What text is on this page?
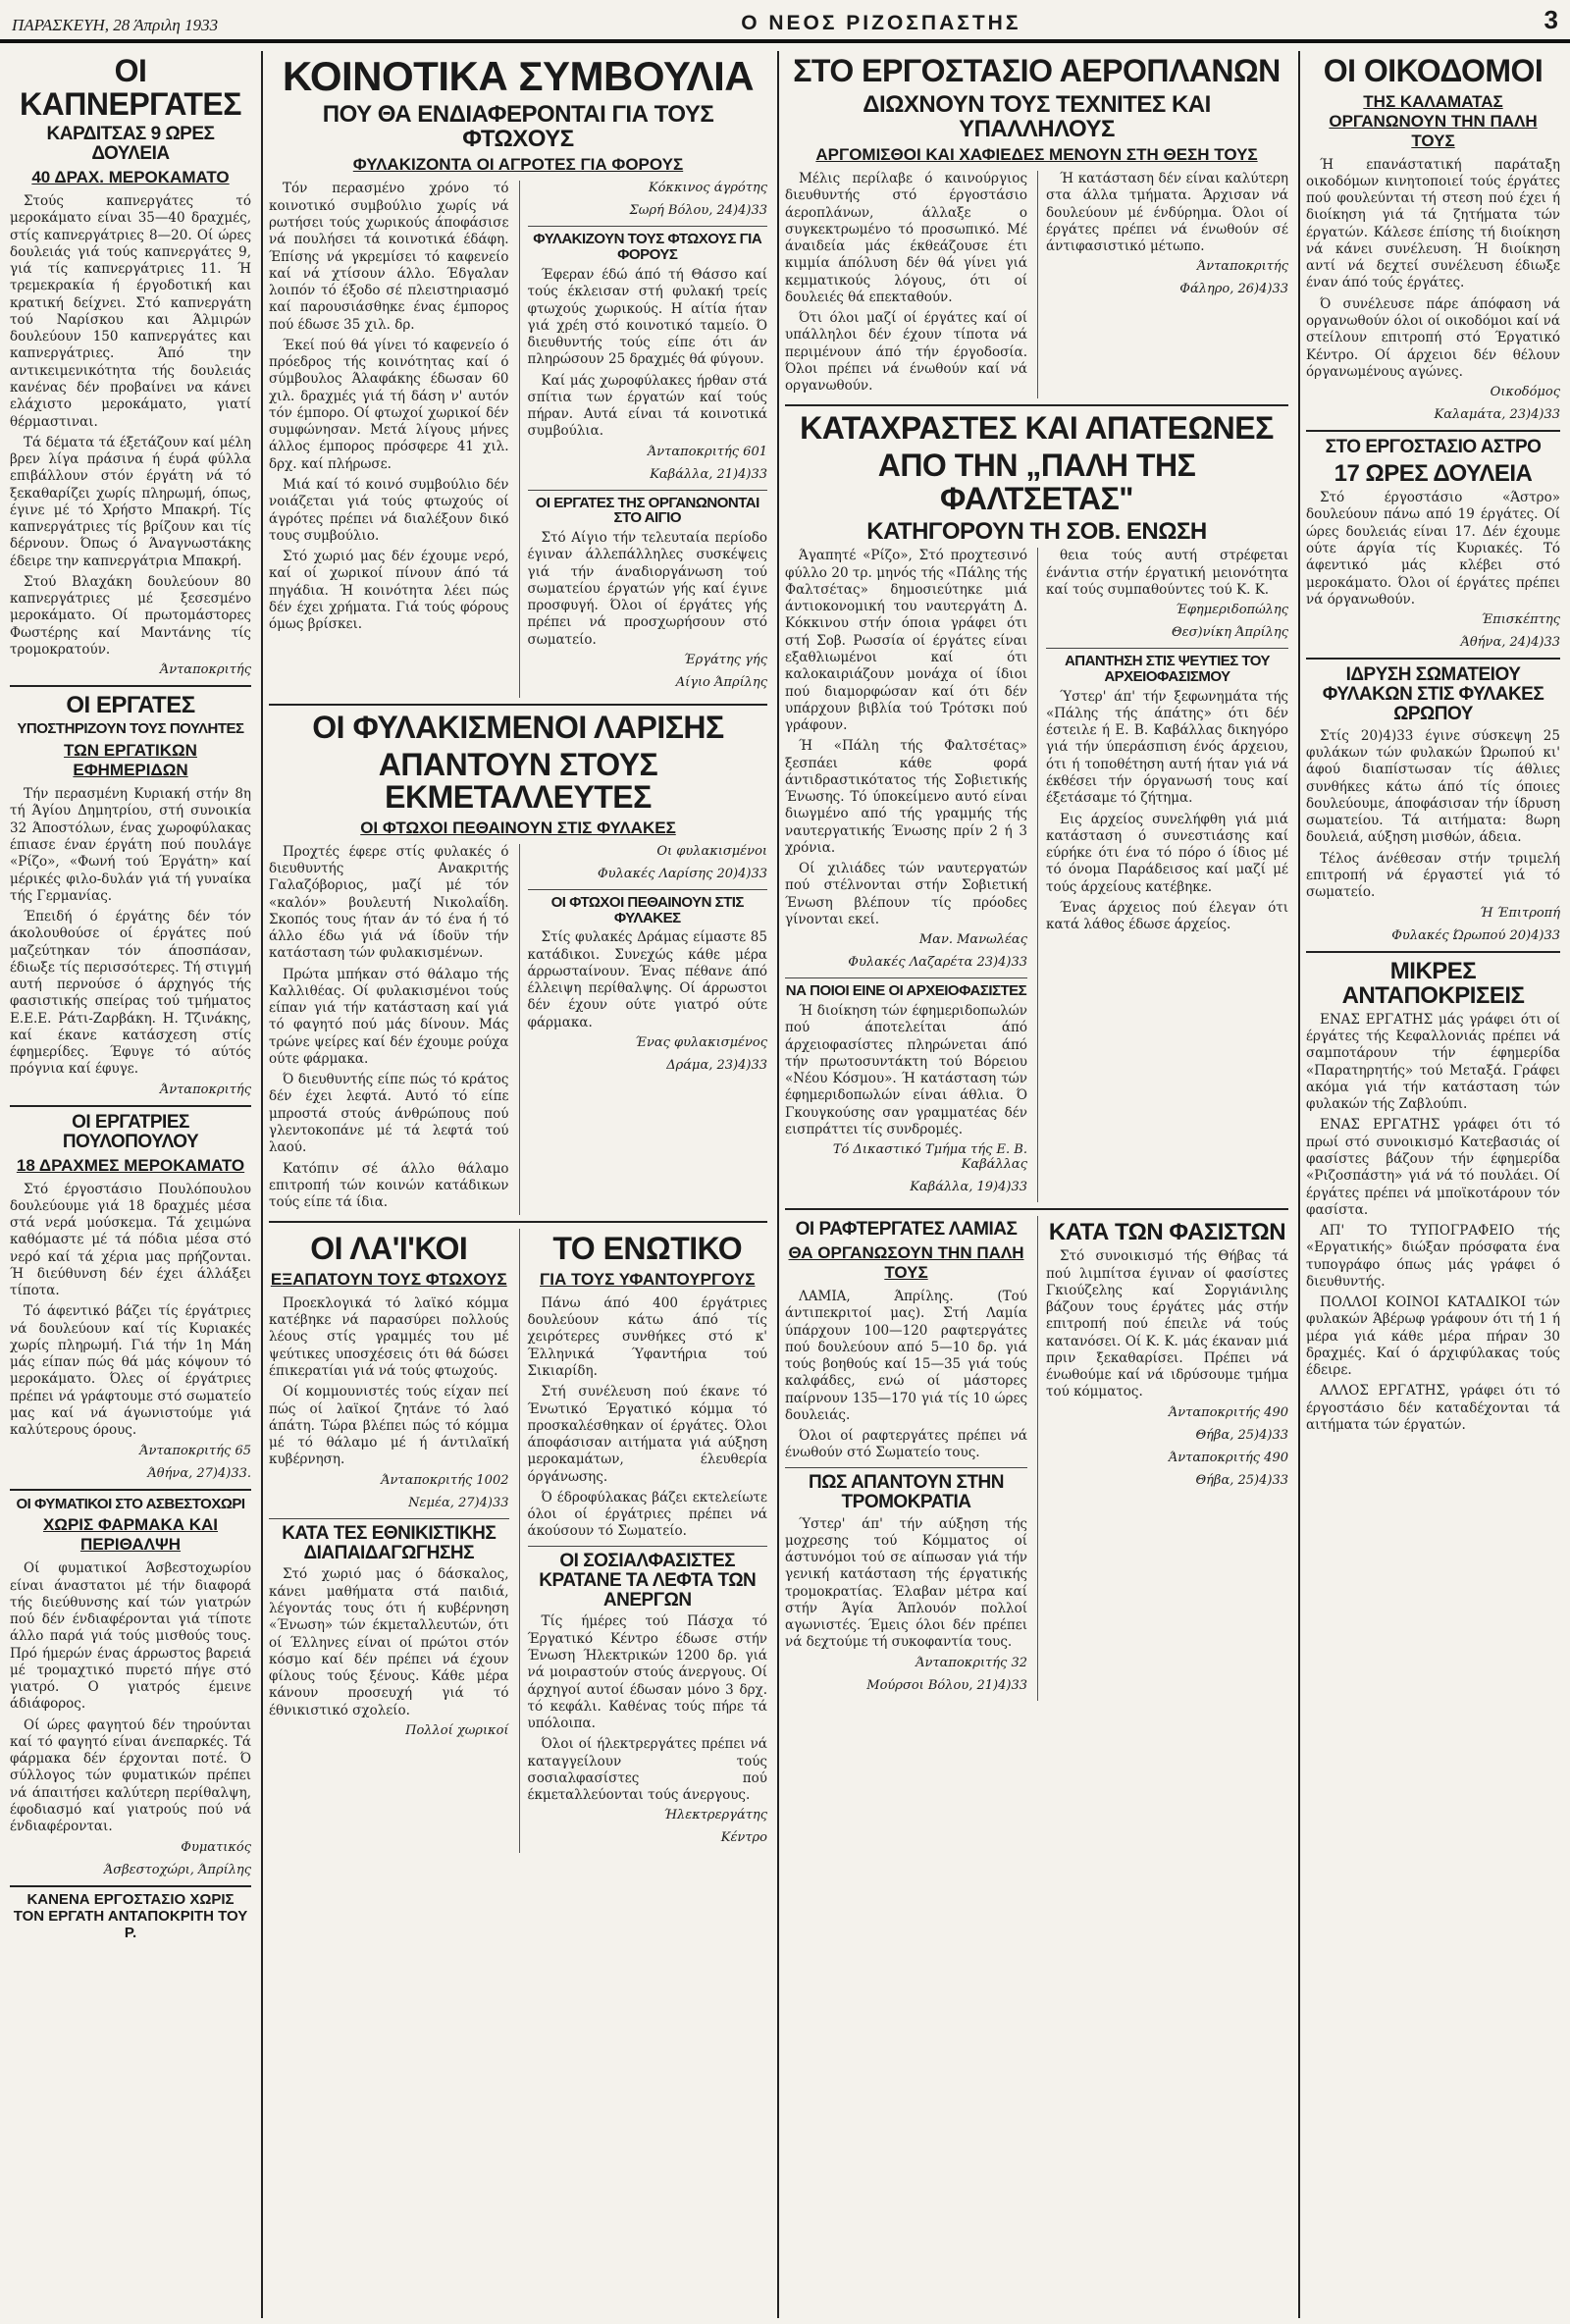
ΠΑΡΑΣΚΕΥΗ, 28 Άπριλη 1933	Ο ΝΕΟΣ ΡΙΖΟΣΠΑΣΤΗΣ	3
ΟΙ ΚΑΠΝΕΡΓΑΤΕΣ
ΚΑΡΔΙΤΣΑΣ 9 ΩΡΕΣ ΔΟΥΛΕΙΑ
40 ΔΡΑΧ. ΜΕΡΟΚΑΜΑΤΟ

Στούς καπνεργάτες τό μεροκάματο είναι 35—40 δραχμές, στίς καπνεργάτριες 8—20. Οί ώρες δουλειάς γιά τούς καπνεργάτες 9, γιά τίς καπνεργάτριες 11. Ή τρεμεκρακία ή έργοδοτική και κρατική δείχνει. Στό καπνεργάτη τού Ναρίσκου και Άλμιρών δουλεύουν 150 καπνεργάτες και καπνεργάτριες. Άπό την αντικειμενικότητα τής δουλειάς κανένας δέν προβαίνει να κάνει ελάχιστο μεροκάματο, γιατί θέρμαστιναι.

Τά δέματα τά έξετάζουν καί μέλη βρεν λίγα πράσινα ή έυρά φύλλα επιβάλλουν στόν έργάτη νά τό ξεκαθαρίζει χωρίς πληρωμή, όπως, έγινε μέ τό Χρήστο Μπακρή. Τίς καπνεργάτριες τίς βρίζουν και τίς δέρνουν. Όπως ό Άναγνωστάκης έδειρε την καπνεργάτρια Μπακρή.

Στού Βλαχάκη δουλεύουν 80 καπνεργάτριες μέ ξεσεσμένο μεροκάματο. Οί πρωτομάστορες Φωστέρης καί Μαντάνης τίς τρομοκρατούν.

Άνταποκριτής

ΟΙ ΕΡΓΑΤΕΣ
ΥΠΟΣΤΗΡΙΖΟΥΝ ΤΟΥΣ ΠΟΥΛΗΤΕΣ
ΤΩΝ ΕΡΓΑΤΙΚΩΝ ΕΦΗΜΕΡΙΔΩΝ

Τήν περασμένη Κυριακή στήν 8η τή Άγίου Δημητρίου, στή συνοικία 32 Άποστόλων, ένας χωροφύλακας έπιασε έναν έργάτη πού πουλάγε «Ρίζο», «Φωνή τού Έργάτη» καί μέρικές φιλο-δυλάν γιά τή γυναίκα τής Γερμανίας.

Έπειδή ό έργάτης δέν τόν άκολουθούσε οί έργάτες πού μαζεύτηκαν τόν άποσπάσαν, έδιωξε τίς περισσότερες. Τή στιγμή αυτή περνούσε ό άρχηγός τής φασιστικής σπείρας τού τμήματος Ε.Ε.Ε. Ράτι-Ζαρβάκη. Η. Τζινάκης, καί έκανε κατάσχεση στίς έφημερίδες. Έφυγε τό αύτός πρόγνια καί έφυγε.

Άνταποκριτής

ΟΙ ΕΡΓΑΤΡΙΕΣ ΠΟΥΛΟΠΟΥΛΟΥ
18 ΔΡΑΧΜΕΣ ΜΕΡΟΚΑΜΑΤΟ

Στό έργοστάσιο Πουλόπουλου δουλεύουμε γιά 18 δραχμές μέσα στά νερά μούσκεμα. Τά χειμώνα καθόμαστε μέ τά πόδια μέσα στό νερό καί τά χέρια μας πρήζονται. Ή διεύθυνση δέν έχει άλλάξει τίποτα.

Τό άφεντικό βάζει τίς έργάτριες νά δουλεύουν καί τίς Κυριακές χωρίς πληρωμή. Γιά τήν 1η Μάη μάς είπαν πώς θά μάς κόψουν τό μεροκάματο. Όλες οί έργάτριες πρέπει νά γράφτουμε στό σωματείο μας καί νά άγωνιστούμε γιά καλύτερους όρους.

Άνταποκριτής 65

Άθήνα, 27)4)33.

ΟΙ ΦΥΜΑΤΙΚΟΙ ΣΤΟ ΑΣΒΕΣΤΟΧΩΡΙ
ΧΩΡΙΣ ΦΑΡΜΑΚΑ ΚΑΙ ΠΕΡΙΘΑΛΨΗ

Οί φυματικοί Άσβεστοχωρίου είναι άναστατοι μέ τήν διαφορά τής διεύθυνσης καί τών γιατρών πού δέν ένδιαφέρονται γιά τίποτε άλλο παρά γιά τούς μισθούς τους. Πρό ήμερών ένας άρρωστος βαρειά μέ τρομαχτικό πυρετό πήγε στό γιατρό. Ο γιατρός έμεινε άδιάφορος.

Οί ώρες φαγητού δέν τηρούνται καί τό φαγητό είναι άνεπαρκές. Τά φάρμακα δέν έρχονται ποτέ. Ό σύλλογος τών φυματικών πρέπει νά άπαιτήσει καλύτερη περίθαλψη, έφοδιασμό καί γιατρούς πού νά ένδιαφέρονται.

Φυματικός

Άσβεστοχώρι, Άπρίλης

ΚΑΝΕΝΑ ΕΡΓΟΣΤΑΣΙΟ ΧΩΡΙΣ ΤΟΝ ΕΡΓΑΤΗ ΑΝΤΑΠΟΚΡΙΤΗ ΤΟΥ Ρ.
ΚΟΙΝΟΤΙΚΑ ΣΥΜΒΟΥΛΙΑ
ΠΟΥ ΘΑ ΕΝΔΙΑΦΕΡΟΝΤΑΙ ΓΙΑ ΤΟΥΣ ΦΤΩΧΟΥΣ
ΦΥΛΑΚΙΖΟΝΤΑ ΟΙ ΑΓΡΟΤΕΣ ΓΙΑ ΦΟΡΟΥΣ

Τόν περασμένο χρόνο τό κοινοτικό συμβούλιο χωρίς νά ρωτήσει τούς χωρικούς άποφάσισε νά πουλήσει τά κοινοτικά έδάφη. Έπίσης νά γκρεμίσει τό καφενείο καί νά χτίσουν άλλο. Έδγαλαν λοιπόν τό έξοδο σέ πλειστηριασμό καί παρουσιάσθηκε ένας έμπορος πού έδωσε 35 χιλ. δρ.

Έκεί πού θά γίνει τό καφενείο ό πρόεδρος τής κοινότητας καί ό σύμβουλος Άλαφάκης έδωσαν 60 χιλ. δραχμές γιά τή δάση ν' αυτόν τόν έμπορο. Οί φτωχοί χωρικοί δέν συμφώνησαν. Μετά λίγους μήνες άλλος έμπορος πρόσφερε 41 χιλ. δρχ. καί πλήρωσε.

Μιά καί τό κοινό συμβούλιο δέν νοιάζεται γιά τούς φτωχούς οί άγρότες πρέπει νά διαλέξουν δικό τους συμβούλιο.

Στό χωριό μας δέν έχουμε νερό, καί οί χωρικοί πίνουν άπό τά πηγάδια. Ή κοινότητα λέει πώς δέν έχει χρήματα. Γιά τούς φόρους όμως βρίσκει.

Κόκκινος άγρότης

Σωρή Βόλου, 24)4)33

ΦΥΛΑΚΙΖΟΥΝ ΤΟΥΣ ΦΤΩΧΟΥΣ ΓΙΑ ΦΟΡΟΥΣ

Έφεραν έδώ άπό τή Θάσσο καί τούς έκλεισαν στή φυλακή τρείς φτωχούς χωρικούς. Η αίτία ήταν γιά χρέη στό κοινοτικό ταμείο. Ό διευθυντής τούς είπε ότι άν πληρώσουν 25 δραχμές θά φύγουν.

Καί μάς χωροφύλακες ήρθαν στά σπίτια των έργατών καί τούς πήραν. Αυτά είναι τά κοινοτικά συμβούλια.

Άνταποκριτής 601

Καβάλλα, 21)4)33

ΟΙ ΕΡΓΑΤΕΣ ΤΗΣ ΟΡΓΑΝΩΝΟΝΤΑΙ ΣΤΟ ΑΙΓΙΟ

Στό Αίγιο τήν τελευταία περίοδο έγιναν άλλεπάλληλες συσκέψεις γιά τήν άναδιοργάνωση τού σωματείου έργατών γής καί έγινε προσφυγή. Όλοι οί έργάτες γής πρέπει νά προσχωρήσουν στό σωματείο.

Έργάτης γής

Αίγιο Άπρίλης

ΟΙ ΦΥΛΑΚΙΣΜΕΝΟΙ ΛΑΡΙΣΗΣ
ΑΠΑΝΤΟΥΝ ΣΤΟΥΣ ΕΚΜΕΤΑΛΛΕΥΤΕΣ
ΟΙ ΦΤΩΧΟΙ ΠΕΘΑΙΝΟΥΝ ΣΤΙΣ ΦΥΛΑΚΕΣ

Προχτές έφερε στίς φυλακές ό διευθυντής Ανακριτής Γαλαζόβοριος, μαζί μέ τόν «καλόν» βουλευτή Νικολαΐδη. Σκοπός τους ήταν άν τό ένα ή τό άλλο έδω γιά νά ίδοϋν τήν κατάσταση τών φυλακισμένων.

Πρώτα μπήκαν στό θάλαμο τής Καλλιθέας. Οί φυλακισμένοι τούς είπαν γιά τήν κατάσταση καί γιά τό φαγητό πού μάς δίνουν. Μάς τρώνε ψείρες καί δέν έχουμε ρούχα ούτε φάρμακα.

Ό διευθυντής είπε πώς τό κράτος δέν έχει λεφτά. Αυτό τό είπε μπροστά στούς άνθρώπους πού γλεντοκοπάνε μέ τά λεφτά τού λαού.

Κατόπιν σέ άλλο θάλαμο επιτροπή τών κοινών κατάδικων τούς είπε τά ίδια.

Οι φυλακισμένοι

Φυλακές Λαρίσης 20)4)33

ΟΙ ΦΤΩΧΟΙ ΠΕΘΑΙΝΟΥΝ ΣΤΙΣ ΦΥΛΑΚΕΣ

Στίς φυλακές Δράμας είμαστε 85 κατάδικοι. Συνεχώς κάθε μέρα άρρωσταίνουν. Ένας πέθανε άπό έλλειψη περίθαλψης. Οί άρρωστοι δέν έχουν ούτε γιατρό ούτε φάρμακα.

Ένας φυλακισμένος

Δράμα, 23)4)33

ΟΙ ΛΑ'Ι'ΚΟΙ
ΕΞΑΠΑΤΟΥΝ ΤΟΥΣ ΦΤΩΧΟΥΣ

Προεκλογικά τό λαϊκό κόμμα κατέβηκε νά παρασύρει πολλούς λέους στίς γραμμές του μέ ψεύτικες υποσχέσεις ότι θά δώσει έπικερατίαι γιά νά τούς φτωχούς.

Οί κομμουνιστές τούς είχαν πεί πώς οί λαϊκοί ζητάνε τό λαό άπάτη. Τώρα βλέπει πώς τό κόμμα μέ τό θάλαμο μέ ή άντιλαϊκή κυβέρνηση.

Άνταποκριτής 1002

Νεμέα, 27)4)33

ΚΑΤΑ ΤΕΣ ΕΘΝΙΚΙΣΤΙΚΗΣ ΔΙΑΠΑΙΔΑΓΩΓΗΣΗΣ

Στό χωριό μας ό δάσκαλος, κάνει μαθήματα στά παιδιά, λέγοντάς τους ότι ή κυβέρνηση «Ένωση» τών έκμεταλλευτών, ότι οί Έλληνες είναι οί πρώτοι στόν κόσμο καί δέν πρέπει νά έχουν φίλους τούς ξένους. Κάθε μέρα κάνουν προσευχή γιά τό έθνικιστικό σχολείο.

Πολλοί χωρικοί

ΤΟ ΕΝΩΤΙΚΟ
ΓΙΑ ΤΟΥΣ ΥΦΑΝΤΟΥΡΓΟΥΣ

Πάνω άπό 400 έργάτριες δουλεύουν κάτω άπό τίς χειρότερες συνθήκες στό κ' Έλληνικά Ύφαντήρια τού Σικιαρίδη.

Στή συνέλευση πού έκανε τό Ένωτικό Έργατικό κόμμα τό προσκαλέσθηκαν οί έργάτες. Όλοι άποφάσισαν αιτήματα γιά αύξηση μεροκαμάτων, έλευθερία όργάνωσης.

Ό έδροφύλακας βάζει εκτελείωτε όλοι οί έργάτριες πρέπει νά άκούσουν τό Σωματείο.

ΟΙ ΣΟΣΙΑΛΦΑΣΙΣΤΕΣ ΚΡΑΤΑΝΕ ΤΑ ΛΕΦΤΑ ΤΩΝ ΑΝΕΡΓΩΝ

Τίς ήμέρες τού Πάσχα τό Έργατικό Κέντρο έδωσε στήν Ένωση Ήλεκτρικών 1200 δρ. γιά νά μοιραστούν στούς άνεργους. Οί άρχηγοί αυτοί έδωσαν μόνο 3 δρχ. τό κεφάλι. Καθένας τούς πήρε τά υπόλοιπα.

Όλοι οί ήλεκτρεργάτες πρέπει νά καταγγείλουν τούς σοσιαλφασίστες πού έκμεταλλεύονται τούς άνεργους.

Ήλεκτρεργάτης

Κέντρο

ΣΤΟ ΕΡΓΟΣΤΑΣΙΟ ΑΕΡΟΠΛΑΝΩΝ
ΔΙΩΧΝΟΥΝ ΤΟΥΣ ΤΕΧΝΙΤΕΣ ΚΑΙ ΥΠΑΛΛΗΛΟΥΣ
ΑΡΓΟΜΙΣΘΟΙ ΚΑΙ ΧΑΦΙΕΔΕΣ ΜΕΝΟΥΝ ΣΤΗ ΘΕΣΗ ΤΟΥΣ

Μέλις περίλαβε ό καινούργιος διευθυντής στό έργοστάσιο άεροπλάνων, άλλαξε ο συγκεκτρωμένο τό προσωπικό. Μέ άναιδεία μάς έκθεάζουσε έτι κιμμία άπόλυση δέν θά γίνει γιά κεμματικούς λόγους, ότι οί δουλειές θά επεκταθούν.

Ότι όλοι μαζί οί έργάτες καί οί υπάλληλοι δέν έχουν τίποτα νά περιμένουν άπό τήν έργοδοσία. Όλοι πρέπει νά ένωθούν καί νά οργανωθούν.

Ή κατάσταση δέν είναι καλύτερη στα άλλα τμήματα. Άρχισαν νά δουλεύουν μέ ένδύρημα. Όλοι οί έργάτες πρέπει νά ένωθούν σέ άντιφασιστικό μέτωπο.

Άνταποκριτής

Φάληρο, 26)4)33

ΚΑΤΑΧΡΑΣΤΕΣ ΚΑΙ ΑΠΑΤΕΩΝΕΣ
ΑΠΟ ΤΗΝ „ΠΑΛΗ ΤΗΣ ΦΑΛΤΣΕΤΑΣ"
ΚΑΤΗΓΟΡΟΥΝ ΤΗ ΣΟΒ. ΕΝΩΣΗ

Άγαπητέ «Ρίζο», Στό προχτεσινό φύλλο 20 τρ. μηνός τής «Πάλης τής Φαλτσέτας» δημοσιεύτηκε μιά άντιοκονομική του ναυτεργάτη Δ. Κόκκινου στήν όποια γράφει ότι στή Σοβ. Ρωσσία οί έργάτες είναι εξαθλιωμένοι καί ότι καλοκαιριάζουν μονάχα οί ίδιοι πού διαμορφώσαν καί ότι δέν υπάρχουν βιβλία τού Τρότσκι πού γράφουν.

Ή «Πάλη τής Φαλτσέτας» ξεσπάει κάθε φορά άντιδραστικότατος τής Σοβιετικής Ένωσης. Τό ύποκείμενο αυτό είναι διωγμένο από τής γραμμής τής ναυτεργατικής Ένωσης πρίν 2 ή 3 χρόνια.

Οί χιλιάδες τών ναυτεργατών πού στέλνονται στήν Σοβιετική Ένωση βλέπουν τίς πρόοδες γίνονται εκεί.

Μαν. Μανωλέας

Φυλακές Λαζαρέτα 23)4)33

ΝΑ ΠΟΙΟΙ ΕΙΝΕ ΟΙ ΑΡΧΕΙΟΦΑΣΙΣΤΕΣ

Ή διοίκηση τών έφημεριδοπωλών πού άποτελείται άπό άρχειοφασίστες πληρώνεται άπό τήν πρωτοσυντάκτη τού Βόρειου «Νέου Κόσμου». Ή κατάσταση τών έφημεριδοπωλών είναι άθλια. Ό Γκουγκούσης σαν γραμματέας δέν εισπράττει τίς συνδρομές.

Τό Δικαστικό Τμήμα τής Ε. Β. Καβάλλας

Καβάλλα, 19)4)33

θεια τούς αυτή στρέφεται ένάντια στήν έργατική μειονότητα καί τούς συμπαθούντες τού Κ. Κ.

Έφημεριδοπώλης

Θεσ)νίκη Άπρίλης

ΑΠΑΝΤΗΣΗ ΣΤΙΣ ΨΕΥΤΙΕΣ ΤΟΥ ΑΡΧΕΙΟΦΑΣΙΣΜΟΥ

Ύστερ' άπ' τήν ξεφωνημάτα τής «Πάλης τής άπάτης» ότι δέν έστειλε ή Ε. Β. Καβάλλας δικηγόρο γιά τήν ύπεράσπιση ένός άρχειου, ότι ή τοποθέτηση αυτή ήταν γιά νά έκθέσει τήν όργανωσή τους καί έξετάσαμε τό ζήτημα.

Εις άρχείος συνελήφθη γιά μιά κατάσταση ό συνεστιάσης καί εύρήκε ότι ένα τό πόρο ό ίδιος μέ τό όνομα Παράδεισος καί μαζί μέ τούς άρχείους κατέβηκε.

Ένας άρχειος πού έλεγαν ότι κατά λάθος έδωσε άρχείος.

ΟΙ ΡΑΦΤΕΡΓΑΤΕΣ ΛΑΜΙΑΣ
ΘΑ ΟΡΓΑΝΩΣΟΥΝ ΤΗΝ ΠΑΛΗ ΤΟΥΣ

ΛΑΜΙΑ, Άπρίλης. (Τού άντιπεκριτοί μας). Στή Λαμία ύπάρχουν 100—120 ραφτεργάτες πού δουλεύουν από 5—10 δρ. γιά τούς βοηθούς καί 15—35 γιά τούς καλφάδες, ενώ οί μάστορες παίρνουν 135—170 γιά τίς 10 ώρες δουλειάς.

Όλοι οί ραφτεργάτες πρέπει νά ένωθούν στό Σωματείο τους.

ΠΩΣ ΑΠΑΝΤΟΥΝ ΣΤΗΝ ΤΡΟΜΟΚΡΑΤΙΑ

Ύστερ' άπ' τήν αύξηση τής μοχρεσης τού Κόμματος οί άστυνόμοι τού σε αίπωσαν γιά τήν γενική κατάσταση τής έργατικής τρομοκρατίας. Έλαβαν μέτρα καί στήν Άγία Άπλουόν πολλοί αγωνιστές. Έμεις όλοι δέν πρέπει νά δεχτούμε τή συκοφαντία τους.

Άνταποκριτής 32

Μούρσοι Βόλου, 21)4)33

ΚΑΤΑ ΤΩΝ ΦΑΣΙΣΤΩΝ

Στό συνοικισμό τής Θήβας τά πού λιμπίτσα έγιναν οί φασίστες Γκιούζελης καί Σοργιάνιλης βάζουν τους έργάτες μάς στήν επιτροπή πού έπειλε νά τούς κατανόσει. Οί Κ. Κ. μάς έκαναν μιά πριν ξεκαθαρίσει. Πρέπει νά ένωθούμε καί νά ιδρύσουμε τμήμα τού κόμματος.

Άνταποκριτής 490

Θήβα, 25)4)33

Άνταποκριτής 490

Θήβα, 25)4)33

ΟΙ ΟΙΚΟΔΟΜΟΙ
ΤΗΣ ΚΑΛΑΜΑΤΑΣ ΟΡΓΑΝΩΝΟΥΝ ΤΗΝ ΠΑΛΗ ΤΟΥΣ

Ή επανάστατική παράταξη οικοδόμων κινητοποιεί τούς έργάτες πού φουλεύνται τή στεση πού έχει ή διοίκηση γιά τά ζητήματα τών έργατών. Κάλεσε έπίσης τή διοίκηση νά κάνει συνέλευση. Ή διοίκηση αντί νά δεχτεί συνέλευση έδιωξε έναν άπό τούς έργάτες.

Ό συνέλευσε πάρε άπόφαση νά οργανωθούν όλοι οί οικοδόμοι καί νά στείλουν επιτροπή στό Έργατικό Κέντρο. Οί άρχειοι δέν θέλουν όργανωμένους αγώνες.

Οικοδόμος

Καλαμάτα, 23)4)33

ΣΤΟ ΕΡΓΟΣΤΑΣΙΟ ΑΣΤΡΟ
17 ΩΡΕΣ ΔΟΥΛΕΙΑ

Στό έργοστάσιο «Άστρο» δουλεύουν πάνω από 19 έργάτες. Οί ώρες δουλειάς είναι 17. Δέν έχουμε ούτε άργία τίς Κυριακές. Τό άφεντικό μάς κλέβει στό μεροκάματο. Όλοι οί έργάτες πρέπει νά όργανωθούν.

Έπισκέπτης

Άθήνα, 24)4)33

ΙΔΡΥΣΗ ΣΩΜΑΤΕΙΟΥ ΦΥΛΑΚΩΝ ΣΤΙΣ ΦΥΛΑΚΕΣ ΩΡΩΠΟΥ

Στίς 20)4)33 έγινε σύσκεψη 25 φυλάκων τών φυλακών Ώρωπού κι' άφού διαπίστωσαν τίς άθλιες συνθήκες κάτω άπό τίς όποιες δουλεύουμε, άποφάσισαν τήν ίδρυση σωματείου. Τά αιτήματα: 8ωρη δουλειά, αύξηση μισθών, άδεια.

Τέλος άνέθεσαν στήν τριμελή επιτροπή νά έργαστεί γιά τό σωματείο.

Ή Έπιτροπή

Φυλακές Ώρωπού 20)4)33

ΜΙΚΡΕΣ ΑΝΤΑΠΟΚΡΙΣΕΙΣ

ΕΝΑΣ ΕΡΓΑΤΗΣ μάς γράφει ότι οί έργάτες τής Κεφαλλονιάς πρέπει νά σαμποτάρουν τήν έφημερίδα «Παρατηρητής» τού Μεταξά. Γράφει ακόμα γιά τήν κατάσταση τών φυλακών τής Ζαβλούπι.

ΕΝΑΣ ΕΡΓΑΤΗΣ γράφει ότι τό πρωί στό συνοικισμό Κατεβασιάς οί φασίστες βάζουν τήν έφημερίδα «Ριζοσπάστη» γιά νά τό πουλάει. Οί έργάτες πρέπει νά μποϊκοτάρουν τόν φασίστα.

ΑΠ' ΤΟ ΤΥΠΟΓΡΑΦΕΙΟ τής «Εργατικής» διώξαν πρόσφατα ένα τυπογράφο όπως μάς γράφει ό διευθυντής.

ΠΟΛΛΟΙ ΚΟΙΝΟΙ ΚΑΤΑΔΙΚΟΙ τών φυλακών Άβέρωφ γράφουν ότι τή 1 ή μέρα γιά κάθε μέρα πήραν 30 δραχμές. Καί ό άρχιφύλακας τούς έδειρε.

ΑΛΛΟΣ ΕΡΓΑΤΗΣ, γράφει ότι τό έργοστάσιο δέν καταδέχονται τά αιτήματα τών έργατών.
